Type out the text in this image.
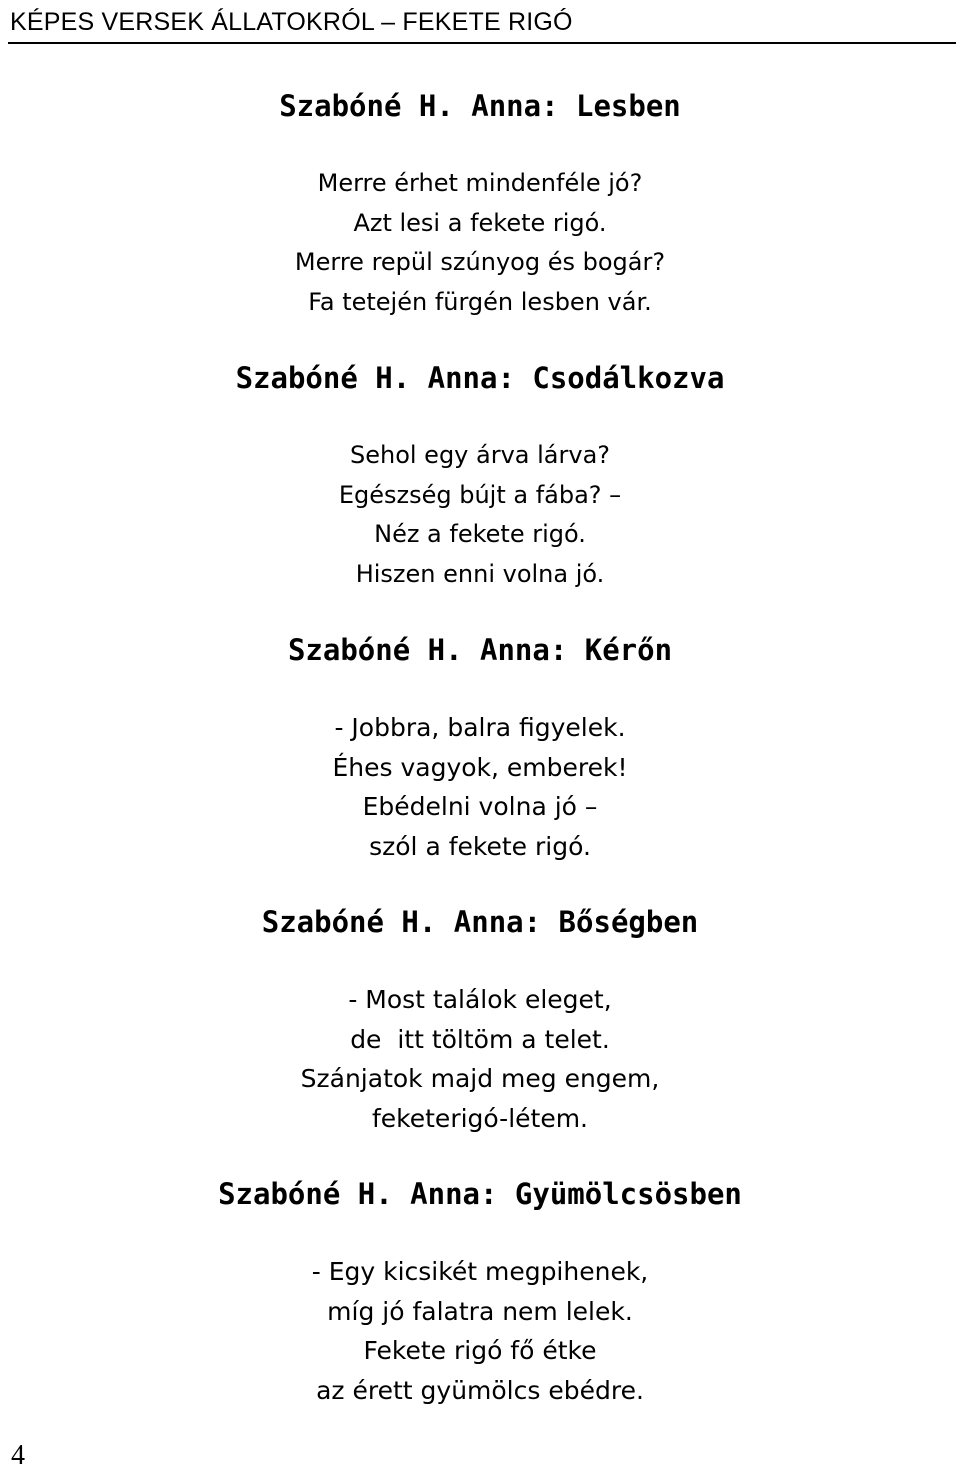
KÉPES VERSEK ÁLLATOKRÓL – FEKETE RIGÓ
Szabóné H. Anna: Lesben
Merre érhet mindenféle jó?
Azt lesi a fekete rigó.
Merre repül szúnyog és bogár?
Fa tetején fürgén lesben vár.
Szabóné H. Anna: Csodálkozva
Sehol egy árva lárva?
Egészség bújt a fába? –
Néz a fekete rigó.
Hiszen enni volna jó.
Szabóné H. Anna: Kérőn
- Jobbra, balra figyelek.
Éhes vagyok, emberek!
Ebédelni volna jó –
szól a fekete rigó.
Szabóné H. Anna: Bőségben
- Most találok eleget,
de  itt töltöm a telet.
Szánjatok majd meg engem,
feketerigó-létem.
Szabóné H. Anna: Gyümölcsösben
- Egy kicsikét megpihenek,
míg jó falatra nem lelek.
Fekete rigó fő étke
az érett gyümölcs ebédre.
4
